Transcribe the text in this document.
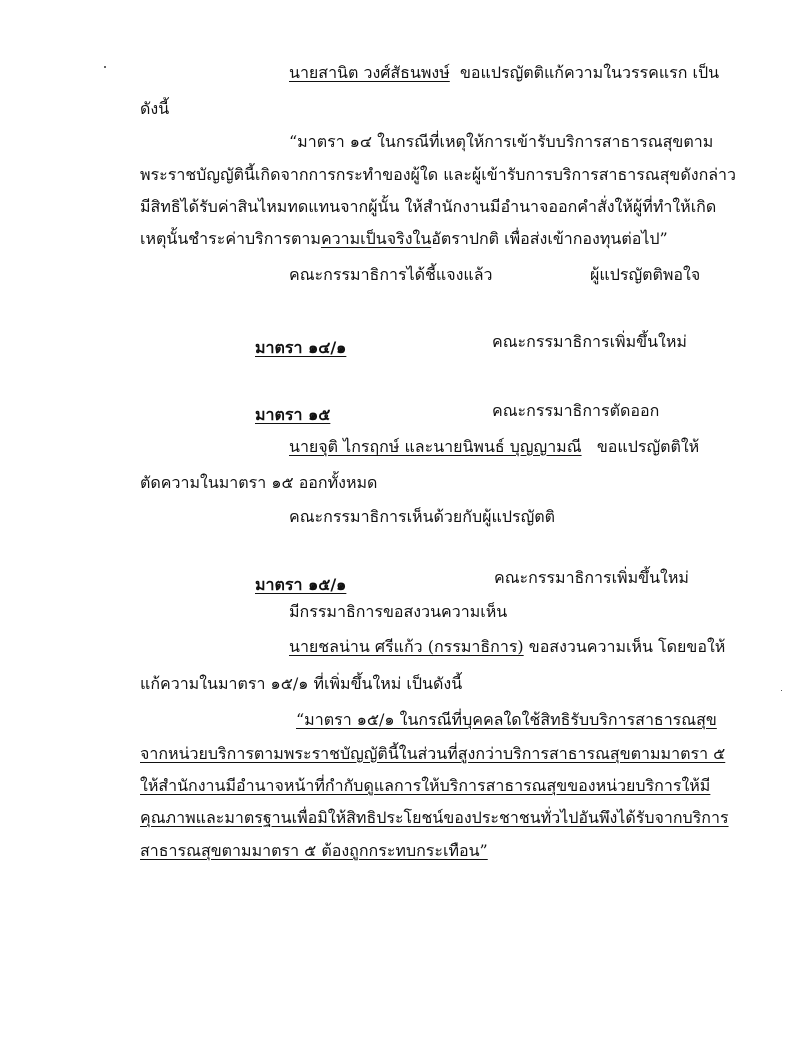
นายสานิต วงศ์สัธนพงษ์ ขอแปรญัตติแก้ความในวรรคแรก เป็น
ดังนี้
“มาตรา ๑๔ ในกรณีที่เหตุให้การเข้ารับบริการสาธารณสุขตาม
พระราชบัญญัตินี้เกิดจากการกระทำของผู้ใด และผู้เข้ารับการบริการสาธารณสุขดังกล่าว
มีสิทธิได้รับค่าสินไหมทดแทนจากผู้นั้น ให้สำนักงานมีอำนาจออกคำสั่งให้ผู้ที่ทำให้เกิด
เหตุนั้นชำระค่าบริการตามความเป็นจริงในอัตราปกติ เพื่อส่งเข้ากองทุนต่อไป”
คณะกรรมาธิการได้ชี้แจงแล้ว	ผู้แปรญัตติพอใจ
มาตรา ๑๔/๑	คณะกรรมาธิการเพิ่มขึ้นใหม่
มาตรา ๑๕	คณะกรรมาธิการตัดออก
นายจุติ ไกรฤกษ์ และนายนิพนธ์ บุญญามณี ขอแปรญัตติให้
ตัดความในมาตรา ๑๕ ออกทั้งหมด
คณะกรรมาธิการเห็นด้วยกับผู้แปรญัตติ
มาตรา ๑๕/๑	คณะกรรมาธิการเพิ่มขึ้นใหม่
มีกรรมาธิการขอสงวนความเห็น
นายชลน่าน ศรีแก้ว (กรรมาธิการ) ขอสงวนความเห็น โดยขอให้
แก้ความในมาตรา ๑๕/๑ ที่เพิ่มขึ้นใหม่ เป็นดังนี้
“มาตรา ๑๕/๑ ในกรณีที่บุคคลใดใช้สิทธิรับบริการสาธารณสุข
จากหน่วยบริการตามพระราชบัญญัตินี้ในส่วนที่สูงกว่าบริการสาธารณสุขตามมาตรา ๕
ให้สำนักงานมีอำนาจหน้าที่กำกับดูแลการให้บริการสาธารณสุขของหน่วยบริการให้มี
คุณภาพและมาตรฐานเพื่อมิให้สิทธิประโยชน์ของประชาชนทั่วไปอันพึงได้รับจากบริการ
สาธารณสุขตามมาตรา ๕ ต้องถูกกระทบกระเทือน”
